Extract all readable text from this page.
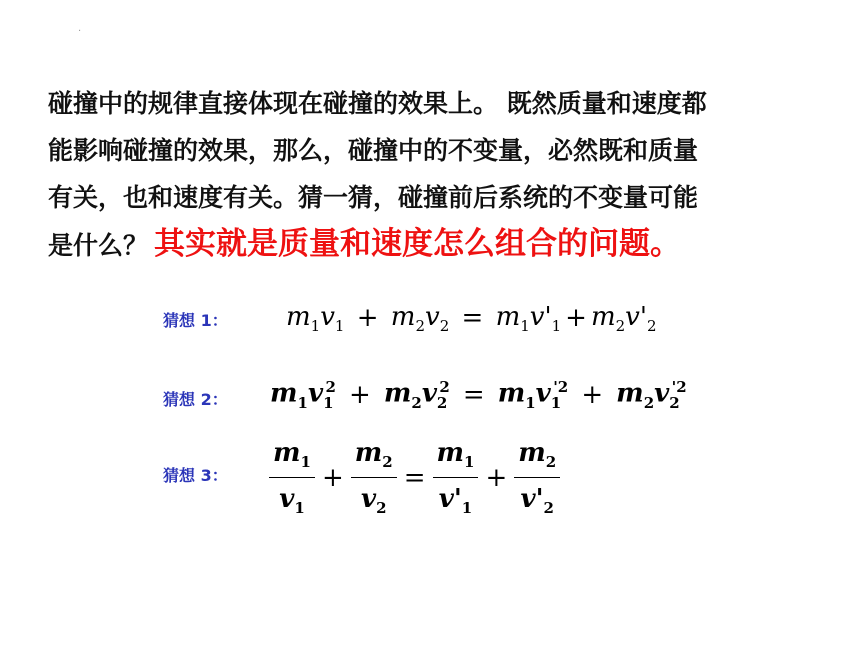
·
碰撞中的规律直接体现在碰撞的效果上。 既然质量和速度都
能影响碰撞的效果，那么，碰撞中的不变量，必然既和质量
有关，也和速度有关。猜一猜，碰撞前后系统的不变量可能
是什么？ 其实就是质量和速度怎么组合的问题。
猜想 1： $m_1v_1 + m_2v_2 = m_1v'_1 + m_2v'_2$
猜想 2： $m_1v_1^2 + m_2v_2^2 = m_1v_1^{'2} + m_2v_2^{'2}$
猜想 3： $\frac{m_1}{v_1} + \frac{m_2}{v_2} = \frac{m_1}{v'_1} + \frac{m_2}{v'_2}$
